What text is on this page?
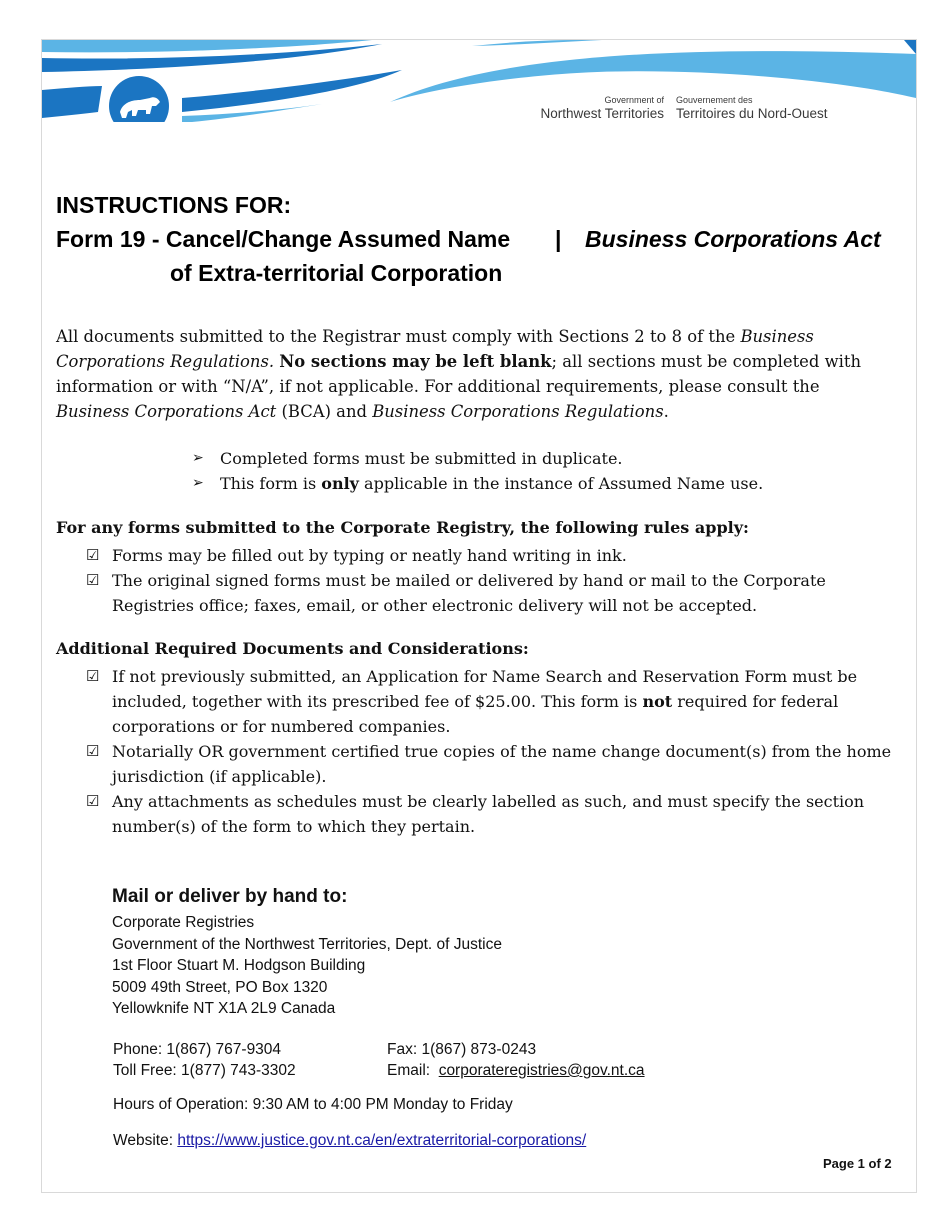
Government of
Northwest Territories
Gouvernement des
Territoires du Nord-Ouest
INSTRUCTIONS FOR:
Form 19 - Cancel/Change Assumed Name | Business Corporations Act
of Extra-territorial Corporation
All documents submitted to the Registrar must comply with Sections 2 to 8 of the Business Corporations Regulations. No sections may be left blank; all sections must be completed with information or with “N/A”, if not applicable. For additional requirements, please consult the Business Corporations Act (BCA) and Business Corporations Regulations.
➢	Completed forms must be submitted in duplicate.
➢	This form is only applicable in the instance of Assumed Name use.
For any forms submitted to the Corporate Registry, the following rules apply:
☑ Forms may be filled out by typing or neatly hand writing in ink.
☑ The original signed forms must be mailed or delivered by hand or mail to the Corporate Registries office; faxes, email, or other electronic delivery will not be accepted.
Additional Required Documents and Considerations:
☑ If not previously submitted, an Application for Name Search and Reservation Form must be included, together with its prescribed fee of $25.00. This form is not required for federal corporations or for numbered companies.
☑ Notarially OR government certified true copies of the name change document(s) from the home jurisdiction (if applicable).
☑ Any attachments as schedules must be clearly labelled as such, and must specify the section number(s) of the form to which they pertain.
Mail or deliver by hand to:
Corporate Registries
Government of the Northwest Territories, Dept. of Justice
1st Floor Stuart M. Hodgson Building
5009 49th Street, PO Box 1320
Yellowknife NT X1A 2L9 Canada
Phone: 1(867) 767-9304
Toll Free: 1(877) 743-3302
Fax: 1(867) 873-0243
Email:  corporateregistries@gov.nt.ca
Hours of Operation: 9:30 AM to 4:00 PM Monday to Friday
Website: https://www.justice.gov.nt.ca/en/extraterritorial-corporations/
Page 1 of 2
